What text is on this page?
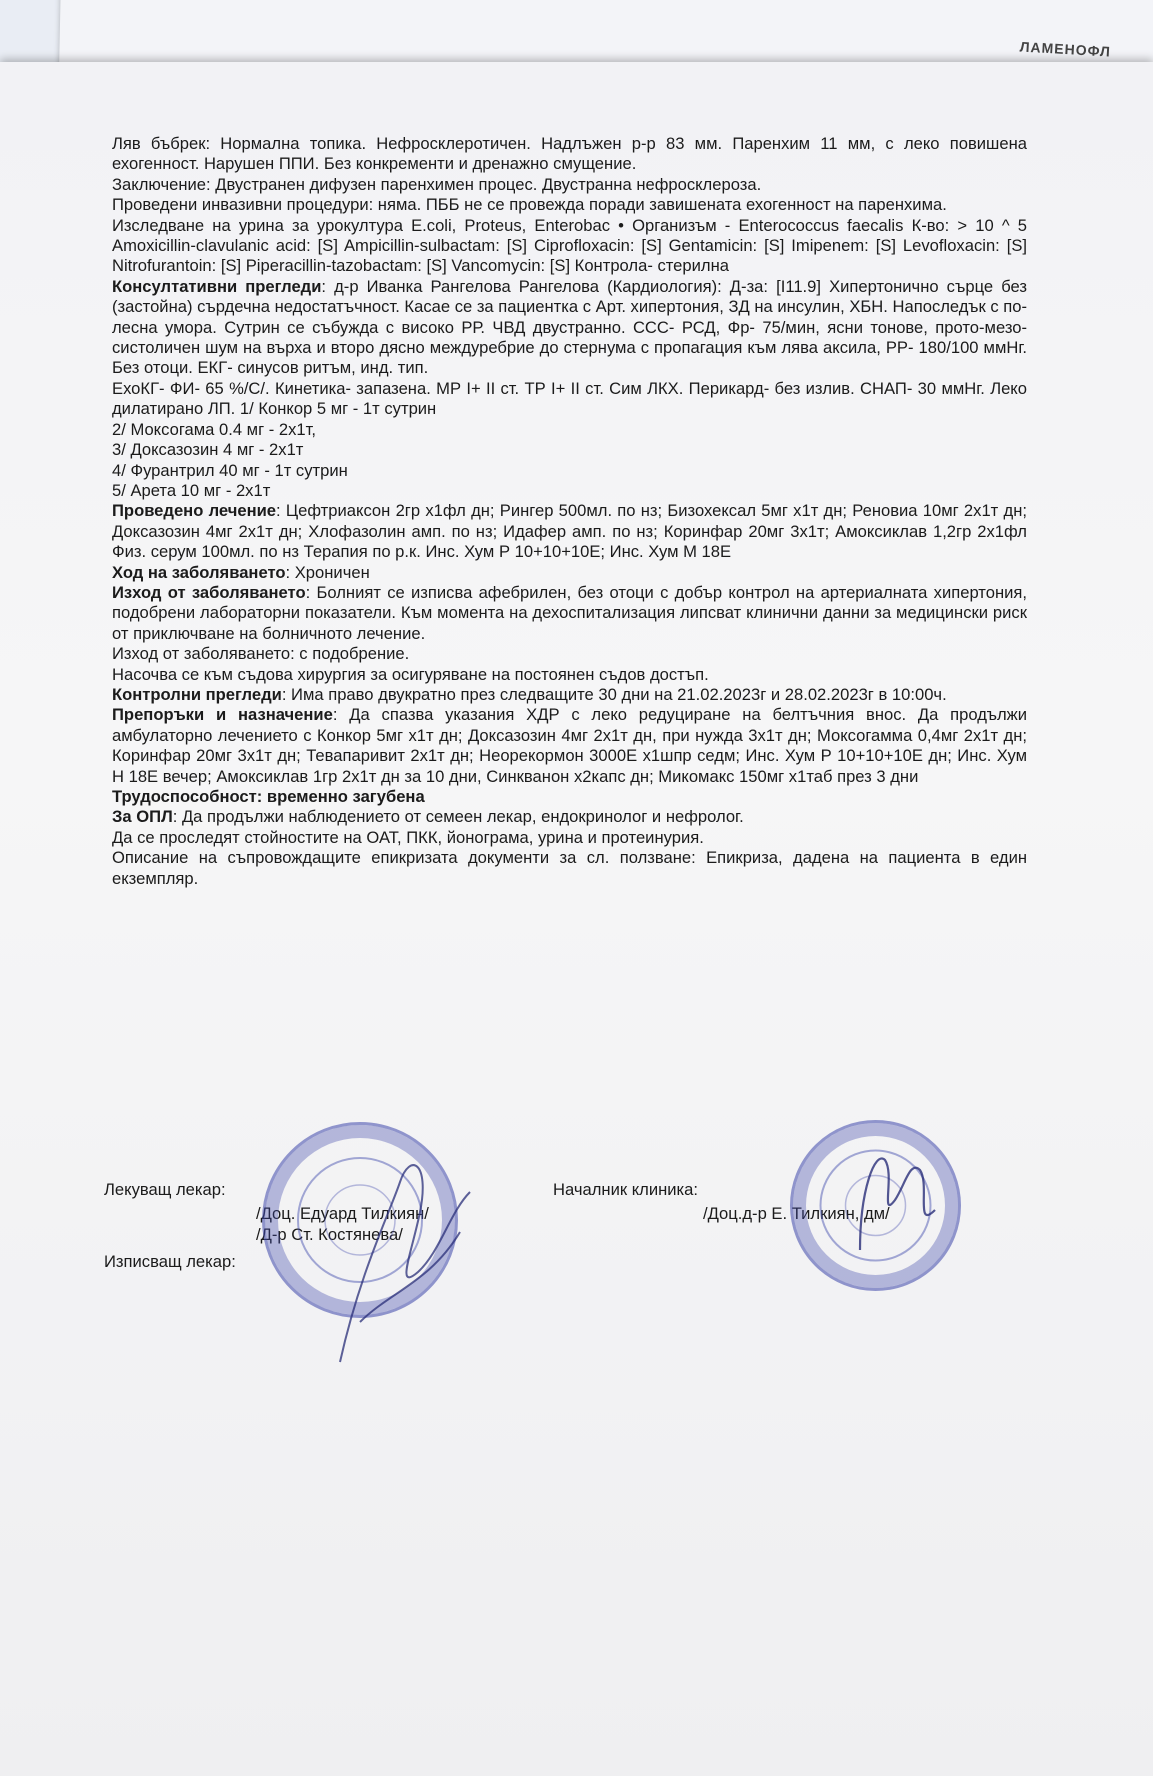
ЛАМЕНОФЛ

Ляв бъбрек: Нормална топика. Нефросклеротичен. Надлъжен р-р 83 мм. Паренхим 11 мм, с леко повишена ехогенност. Нарушен ППИ. Без конкременти и дренажно смущение.

Заключение: Двустранен дифузен паренхимен процес. Двустранна нефросклероза.

Проведени инвазивни процедури: няма. ПББ не се провежда поради завишената ехогенност на паренхима.

Изследване на урина за урокултура E.coli, Proteus, Enterobac • Организъм - Enterococcus faecalis К-во: > 10 ^ 5 Amoxicillin-clavulanic acid: [S] Ampicillin-sulbactam: [S] Ciprofloxacin: [S] Gentamicin: [S] Imipenem: [S] Levofloxacin: [S] Nitrofurantoin: [S] Piperacillin-tazobactam: [S] Vancomycin: [S] Контрола- стерилна

Консултативни прегледи: д-р Иванка Рангелова Рангелова (Кардиология): Д-за: [I11.9] Хипертонично сърце без (застойна) сърдечна недостатъчност. Касае се за пациентка с Арт. хипертония, ЗД на инсулин, ХБН. Напоследък с по-лесна умора. Сутрин се събужда с високо РР. ЧВД двустранно. ССС- РСД, Фр- 75/мин, ясни тонове, прото-мезо-систоличен шум на върха и второ дясно междуребрие до стернума с пропагация към лява аксила, РР- 180/100 ммНг. Без отоци. ЕКГ- синусов ритъм, инд. тип.

ЕхоКГ- ФИ- 65 %/С/. Кинетика- запазена. МР I+ II ст. ТР I+ II ст. Сим ЛКХ. Перикард- без излив. СНАП- 30 ммНг. Леко дилатирано ЛП. 1/ Конкор 5 мг - 1т сутрин

2/ Моксогама 0.4 мг - 2х1т,

3/ Доксазозин 4 мг - 2х1т

4/ Фурантрил 40 мг - 1т сутрин

5/ Арета 10 мг - 2х1т

Проведено лечение: Цефтриаксон 2гр х1фл дн; Рингер 500мл. по нз; Бизохексал 5мг х1т дн; Реновиа 10мг 2х1т дн; Доксазозин 4мг 2х1т дн; Хлофазолин амп. по нз; Идафер амп. по нз; Коринфар 20мг 3х1т; Амоксиклав 1,2гр 2х1фл Физ. серум 100мл. по нз Терапия по р.к. Инс. Хум Р 10+10+10Е; Инс. Хум М 18Е

Ход на заболяването: Хроничен

Изход от заболяването: Болният се изписва афебрилен, без отоци с добър контрол на артериалната хипертония, подобрени лабораторни показатели. Към момента на дехоспитализация липсват клинични данни за медицински риск от приключване на болничното лечение.

Изход от заболяването: с подобрение.

Насочва се към съдова хирургия за осигуряване на постоянен съдов достъп.

Контролни прегледи: Има право двукратно през следващите 30 дни на 21.02.2023г и 28.02.2023г в 10:00ч.

Препоръки и назначение: Да спазва указания ХДР с леко редуциране на белтъчния внос. Да продължи амбулаторно лечението с Конкор 5мг х1т дн; Доксазозин 4мг 2х1т дн, при нужда 3х1т дн; Моксогамма 0,4мг 2х1т дн; Коринфар 20мг 3х1т дн; Тевапаривит 2х1т дн; Неорекормон 3000Е х1шпр седм; Инс. Хум Р 10+10+10Е дн; Инс. Хум Н 18Е вечер; Амоксиклав 1гр 2х1т дн за 10 дни, Синкванон х2капс дн; Микомакс 150мг х1таб през 3 дни

Трудоспособност: временно загубена

За ОПЛ: Да продължи наблюдението от семеен лекар, ендокринолог и нефролог.

Да се проследят стойностите на ОАТ, ПКК, йонограма, урина и протеинурия.

Описание на съпровождащите епикризата документи за сл. ползване: Епикриза, дадена на пациента в един екземпляр.

Лекуващ лекар:
/Доц. Едуард Тилкиян/
/Д-р Ст. Костянева/
Изписващ лекар:
Началник клиника:
/Доц.д-р Е. Тилкиян, дм/
